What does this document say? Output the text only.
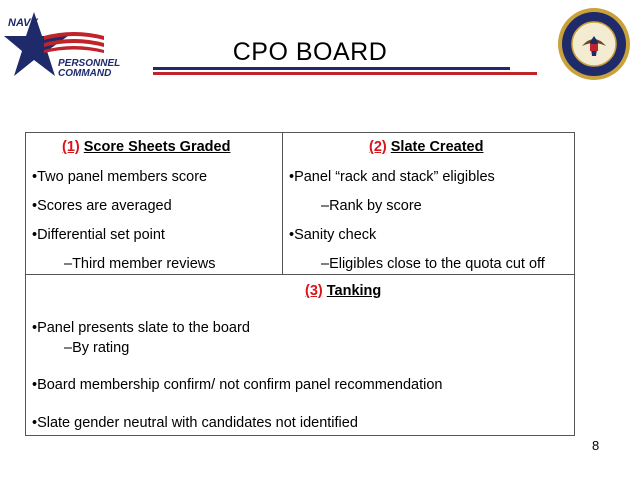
NAVY
PERSONNEL
COMMAND
CPO BOARD
(1) Score Sheets Graded
•Two panel members score
•Scores are averaged
•Differential set point
–Third member reviews
(2) Slate Created
•Panel “rack and stack” eligibles
–Rank by score
•Sanity check
–Eligibles close to the quota cut off
(3) Tanking
•Panel presents slate to the board
–By rating
•Board membership confirm/ not confirm panel recommendation
•Slate gender neutral with candidates not identified
8
